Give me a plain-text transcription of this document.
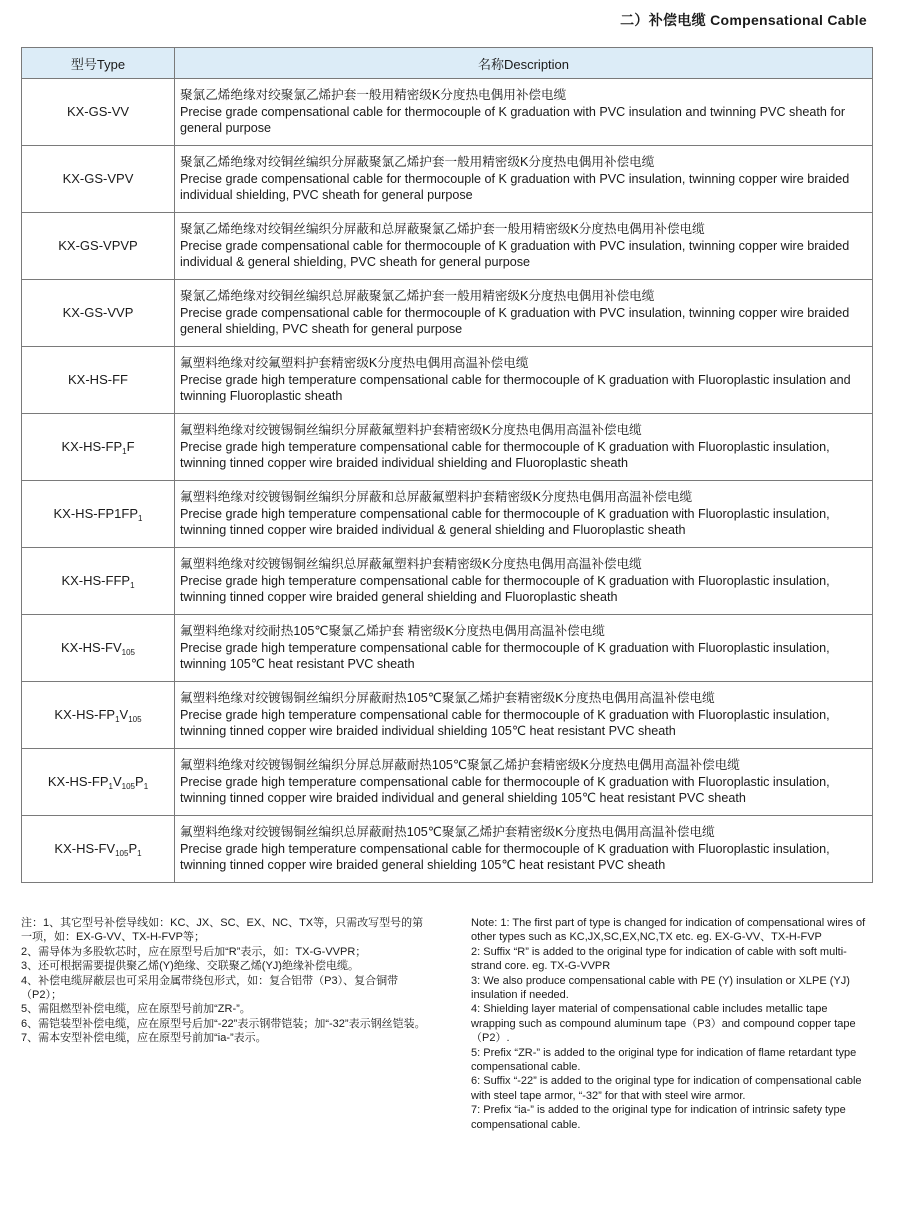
二）补偿电缆 Compensational Cable
型号Type	名称Description
KX-GS-VV	聚氯乙烯绝缘对绞聚氯乙烯护套一般用精密级K分度热电偶用补偿电缆
Precise grade compensational cable for thermocouple of K graduation with PVC insulation and twinning PVC sheath for general purpose

KX-GS-VPV	聚氯乙烯绝缘对绞铜丝编织分屏蔽聚氯乙烯护套一般用精密级K分度热电偶用补偿电缆
Precise grade compensational cable for thermocouple of K graduation with PVC insulation, twinning copper wire braided individual shielding, PVC sheath for general purpose

KX-GS-VPVP	聚氯乙烯绝缘对绞铜丝编织分屏蔽和总屏蔽聚氯乙烯护套一般用精密级K分度热电偶用补偿电缆
Precise grade compensational cable for thermocouple of K graduation with PVC insulation, twinning copper wire braided individual & general shielding, PVC sheath for general purpose

KX-GS-VVP	聚氯乙烯绝缘对绞铜丝编织总屏蔽聚氯乙烯护套一般用精密级K分度热电偶用补偿电缆
Precise grade compensational cable for thermocouple of K graduation with PVC insulation, twinning copper wire braided general shielding, PVC sheath for general purpose

KX-HS-FF	氟塑料绝缘对绞氟塑料护套精密级K分度热电偶用高温补偿电缆
Precise grade high temperature compensational cable for thermocouple of K graduation with Fluoroplastic insulation and twinning Fluoroplastic sheath

$KX-HS-FP_1F$	氟塑料绝缘对绞镀锡铜丝编织分屏蔽氟塑料护套精密级K分度热电偶用高温补偿电缆
Precise grade high temperature compensational cable for thermocouple of K graduation with Fluoroplastic insulation, twinning tinned copper wire braided individual shielding and Fluoroplastic sheath

$KX-HS-FP1FP_1$	氟塑料绝缘对绞镀锡铜丝编织分屏蔽和总屏蔽氟塑料护套精密级K分度热电偶用高温补偿电缆
Precise grade high temperature compensational cable for thermocouple of K graduation with Fluoroplastic insulation, twinning tinned copper wire braided individual & general shielding and Fluoroplastic sheath

$KX-HS-FFP_1$	氟塑料绝缘对绞镀锡铜丝编织总屏蔽氟塑料护套精密级K分度热电偶用高温补偿电缆
Precise grade high temperature compensational cable for thermocouple of K graduation with Fluoroplastic insulation, twinning tinned copper wire braided general shielding and Fluoroplastic sheath

$KX-HS-FV_{105}$	氟塑料绝缘对绞耐热105℃聚氯乙烯护套 精密级K分度热电偶用高温补偿电缆
Precise grade high temperature compensational cable for thermocouple of K graduation with Fluoroplastic insulation, twinning 105℃ heat resistant PVC sheath

$KX-HS-FP_1V_{105}$	氟塑料绝缘对绞镀锡铜丝编织分屏蔽耐热105℃聚氯乙烯护套精密级K分度热电偶用高温补偿电缆
Precise grade high temperature compensational cable for thermocouple of K graduation with Fluoroplastic insulation, twinning tinned copper wire braided individual shielding 105℃ heat resistant PVC sheath

$KX-HS-FP_1V_{105}P_1$	氟塑料绝缘对绞镀锡铜丝编织分屏总屏蔽耐热105℃聚氯乙烯护套精密级K分度热电偶用高温补偿电缆
Precise grade high temperature compensational cable for thermocouple of K graduation with Fluoroplastic insulation, twinning tinned copper wire braided individual and general shielding 105℃ heat resistant PVC sheath

$KX-HS-FV_{105}P_1$	氟塑料绝缘对绞镀锡铜丝编织总屏蔽耐热105℃聚氯乙烯护套精密级K分度热电偶用高温补偿电缆
Precise grade high temperature compensational cable for thermocouple of K graduation with Fluoroplastic insulation, twinning tinned copper wire braided general shielding 105℃ heat resistant PVC sheath

注：1、其它型号补偿导线如：KC、JX、SC、EX、NC、TX等，只需改写型号的第一项，如：EX-G-VV、TX-H-FVP等；

2、需导体为多股软芯时，应在原型号后加“R”表示，如：TX-G-VVPR；

3、还可根据需要提供聚乙烯(Y)绝缘、交联聚乙烯(YJ)绝缘补偿电缆。

4、补偿电缆屏蔽层也可采用金属带绕包形式，如：复合铝带（P3）、复合铜带（P2）；

5、需阻燃型补偿电缆，应在原型号前加“ZR-”。

6、需铠装型补偿电缆，应在原型号后加“-22”表示钢带铠装；加“-32”表示钢丝铠装。

7、需本安型补偿电缆，应在原型号前加“ia-”表示。

Note: 1: The first part of type is changed for indication of compensational wires of other types such as KC,JX,SC,EX,NC,TX etc. eg. EX-G-VV、TX-H-FVP

2: Suffix “R” is added to the original type for indication of cable with soft multi-strand core. eg. TX-G-VVPR

3: We also produce compensational cable with PE (Y) insulation or XLPE (YJ) insulation if needed.

4: Shielding layer material of compensational cable includes metallic tape wrapping such as compound aluminum tape（P3）and compound copper tape（P2）.

5: Prefix “ZR-” is added to the original type for indication of flame retardant type compensational cable.

6: Suffix “-22” is added to the original type for indication of compensational cable with steel tape armor, “-32” for that with steel wire armor.

7: Prefix “ia-” is added to the original type for indication of intrinsic safety type compensational cable.
